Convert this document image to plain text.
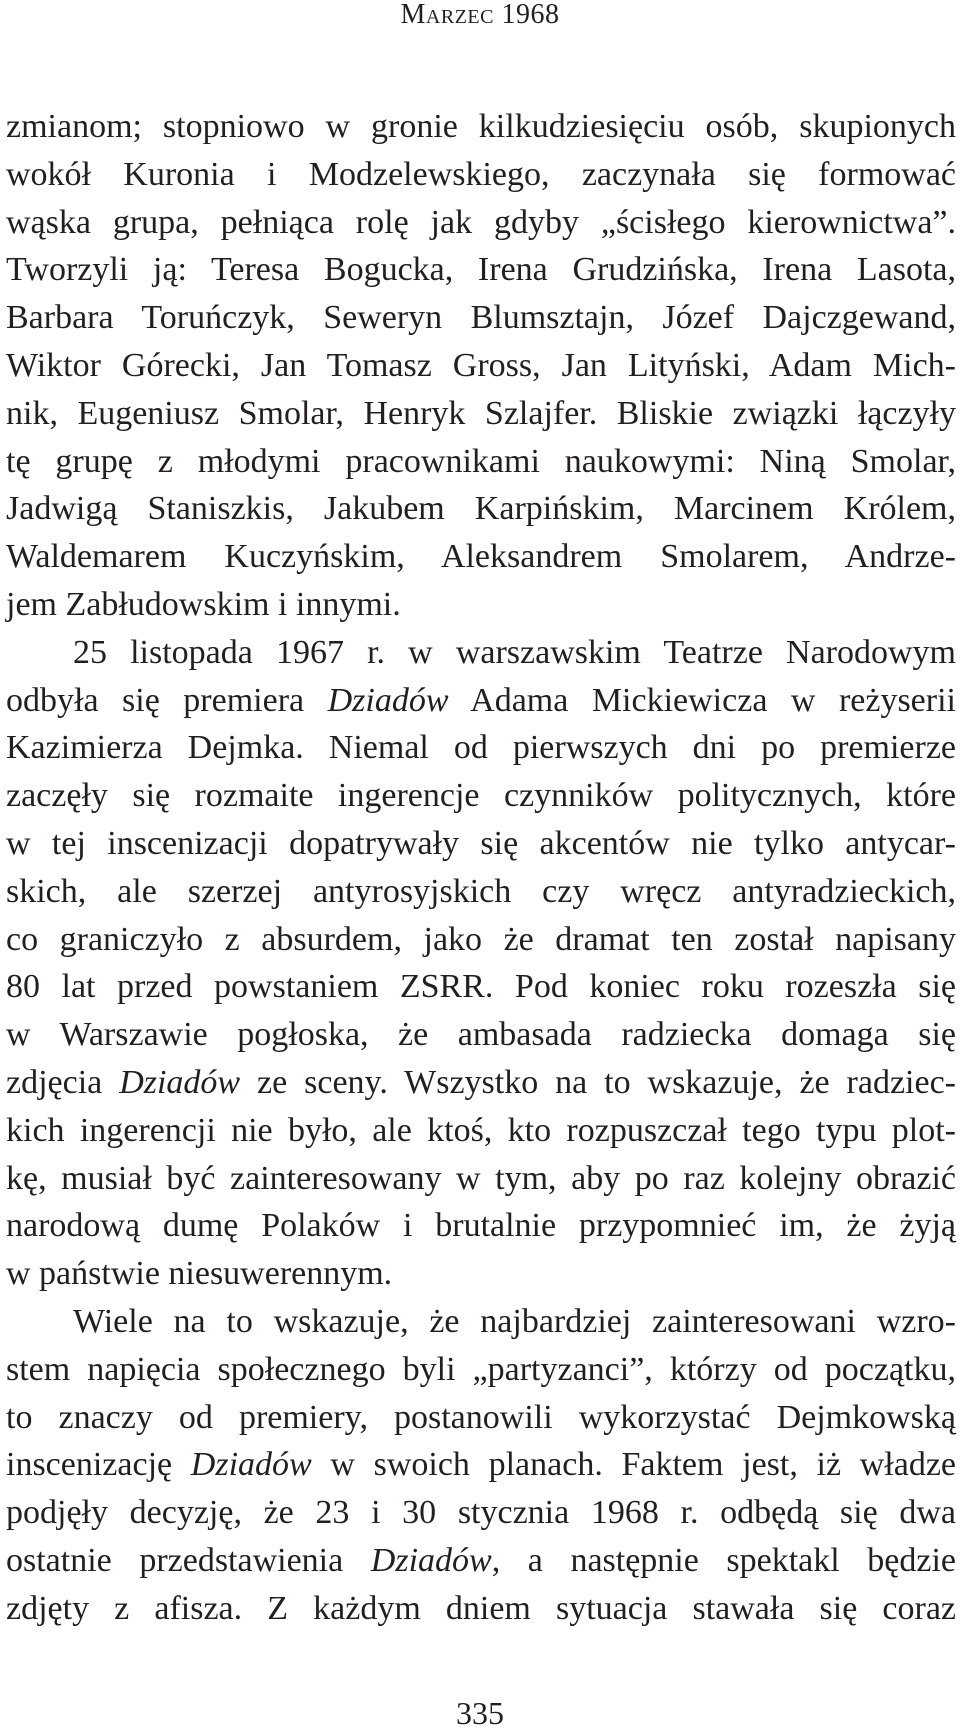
Marzec 1968
zmianom; stopniowo w gronie kilkudziesięciu osób, skupionych
wokół Kuronia i Modzelewskiego, zaczynała się formować
wąska grupa, pełniąca rolę jak gdyby „ścisłego kierownictwa”.
Tworzyli ją: Teresa Bogucka, Irena Grudzińska, Irena Lasota,
Barbara Toruńczyk, Seweryn Blumsztajn, Józef Dajczgewand,
Wiktor Górecki, Jan Tomasz Gross, Jan Lityński, Adam Mich-
nik, Eugeniusz Smolar, Henryk Szlajfer. Bliskie związki łączyły
tę grupę z młodymi pracownikami naukowymi: Niną Smolar,
Jadwigą Staniszkis, Jakubem Karpińskim, Marcinem Królem,
Waldemarem Kuczyńskim, Aleksandrem Smolarem, Andrze-
jem Zabłudowskim i innymi.
25 listopada 1967 r. w warszawskim Teatrze Narodowym
odbyła się premiera Dziadów Adama Mickiewicza w reżyserii
Kazimierza Dejmka. Niemal od pierwszych dni po premierze
zaczęły się rozmaite ingerencje czynników politycznych, które
w tej inscenizacji dopatrywały się akcentów nie tylko antycar-
skich, ale szerzej antyrosyjskich czy wręcz antyradzieckich,
co graniczyło z absurdem, jako że dramat ten został napisany
80 lat przed powstaniem ZSRR. Pod koniec roku rozeszła się
w Warszawie pogłoska, że ambasada radziecka domaga się
zdjęcia Dziadów ze sceny. Wszystko na to wskazuje, że radziec-
kich ingerencji nie było, ale ktoś, kto rozpuszczał tego typu plot-
kę, musiał być zainteresowany w tym, aby po raz kolejny obrazić
narodową dumę Polaków i brutalnie przypomnieć im, że żyją
w państwie niesuwerennym.
Wiele na to wskazuje, że najbardziej zainteresowani wzro-
stem napięcia społecznego byli „partyzanci”, którzy od początku,
to znaczy od premiery, postanowili wykorzystać Dejmkowską
inscenizację Dziadów w swoich planach. Faktem jest, iż władze
podjęły decyzję, że 23 i 30 stycznia 1968 r. odbędą się dwa
ostatnie przedstawienia Dziadów, a następnie spektakl będzie
zdjęty z afisza. Z każdym dniem sytuacja stawała się coraz
335
